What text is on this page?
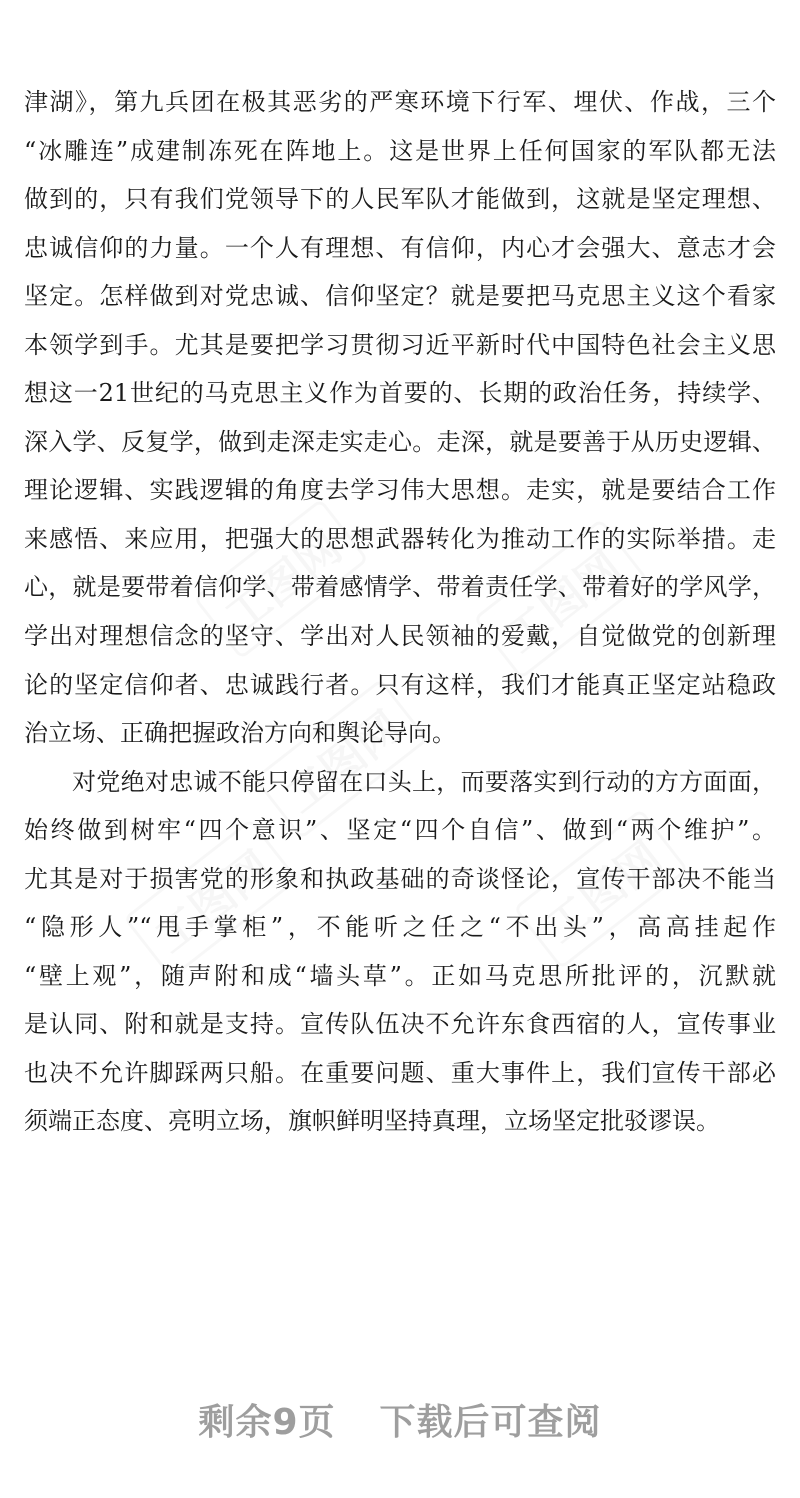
津湖》，第九兵团在极其恶劣的严寒环境下行军、埋伏、作战，三个
“冰雕连”成建制冻死在阵地上。这是世界上任何国家的军队都无法
做到的，只有我们党领导下的人民军队才能做到，这就是坚定理想、
忠诚信仰的力量。一个人有理想、有信仰，内心才会强大、意志才会
坚定。怎样做到对党忠诚、信仰坚定？就是要把马克思主义这个看家
本领学到手。尤其是要把学习贯彻习近平新时代中国特色社会主义思
想这一21世纪的马克思主义作为首要的、长期的政治任务，持续学、
深入学、反复学，做到走深走实走心。走深，就是要善于从历史逻辑、
理论逻辑、实践逻辑的角度去学习伟大思想。走实，就是要结合工作
来感悟、来应用，把强大的思想武器转化为推动工作的实际举措。走
心，就是要带着信仰学、带着感情学、带着责任学、带着好的学风学，
学出对理想信念的坚守、学出对人民领袖的爱戴，自觉做党的创新理
论的坚定信仰者、忠诚践行者。只有这样，我们才能真正坚定站稳政
治立场、正确把握政治方向和舆论导向。
对党绝对忠诚不能只停留在口头上，而要落实到行动的方方面面，
始终做到树牢“四个意识”、坚定“四个自信”、做到“两个维护”。
尤其是对于损害党的形象和执政基础的奇谈怪论，宣传干部决不能当
“隐形人”“甩手掌柜”，不能听之任之“不出头”，高高挂起作
“壁上观”，随声附和成“墙头草”。正如马克思所批评的，沉默就
是认同、附和就是支持。宣传队伍决不允许东食西宿的人，宣传事业
也决不允许脚踩两只船。在重要问题、重大事件上，我们宣传干部必
须端正态度、亮明立场，旗帜鲜明坚持真理，立场坚定批驳谬误。
剩余9页 下载后可查阅
